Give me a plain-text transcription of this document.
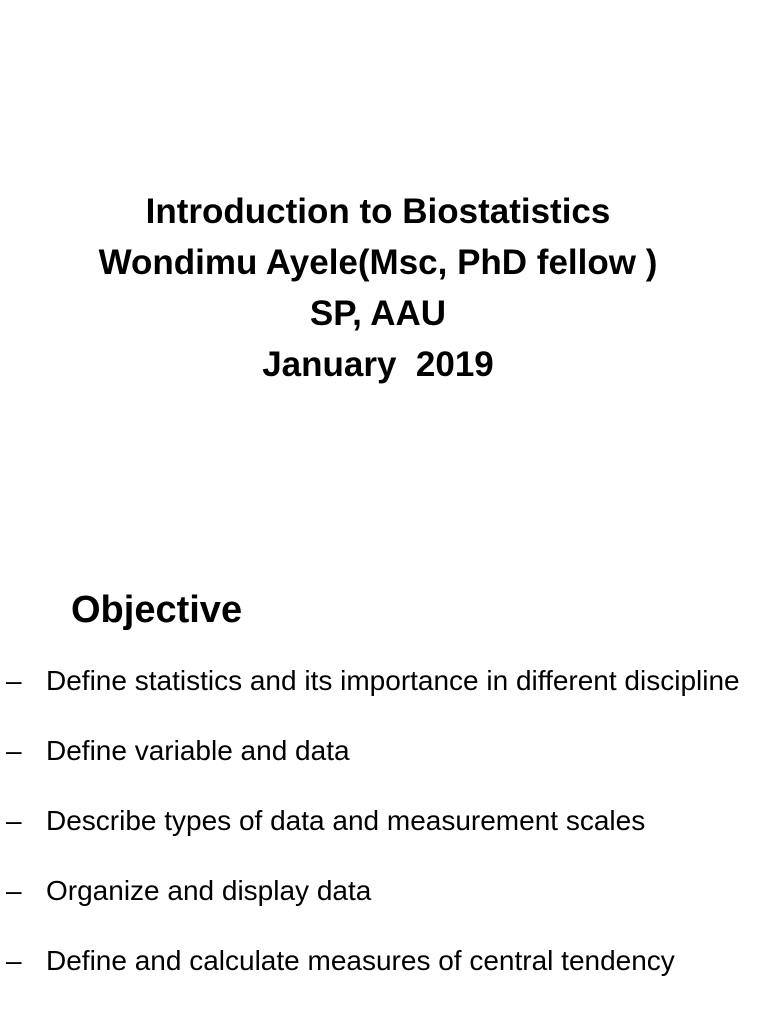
Introduction to Biostatistics
Wondimu Ayele(Msc, PhD fellow )
SP, AAU
January  2019
Objective
– Define statistics and its importance in different discipline
– Define variable and data
– Describe types of data and measurement scales
– Organize and display data
– Define and calculate measures of central tendency
